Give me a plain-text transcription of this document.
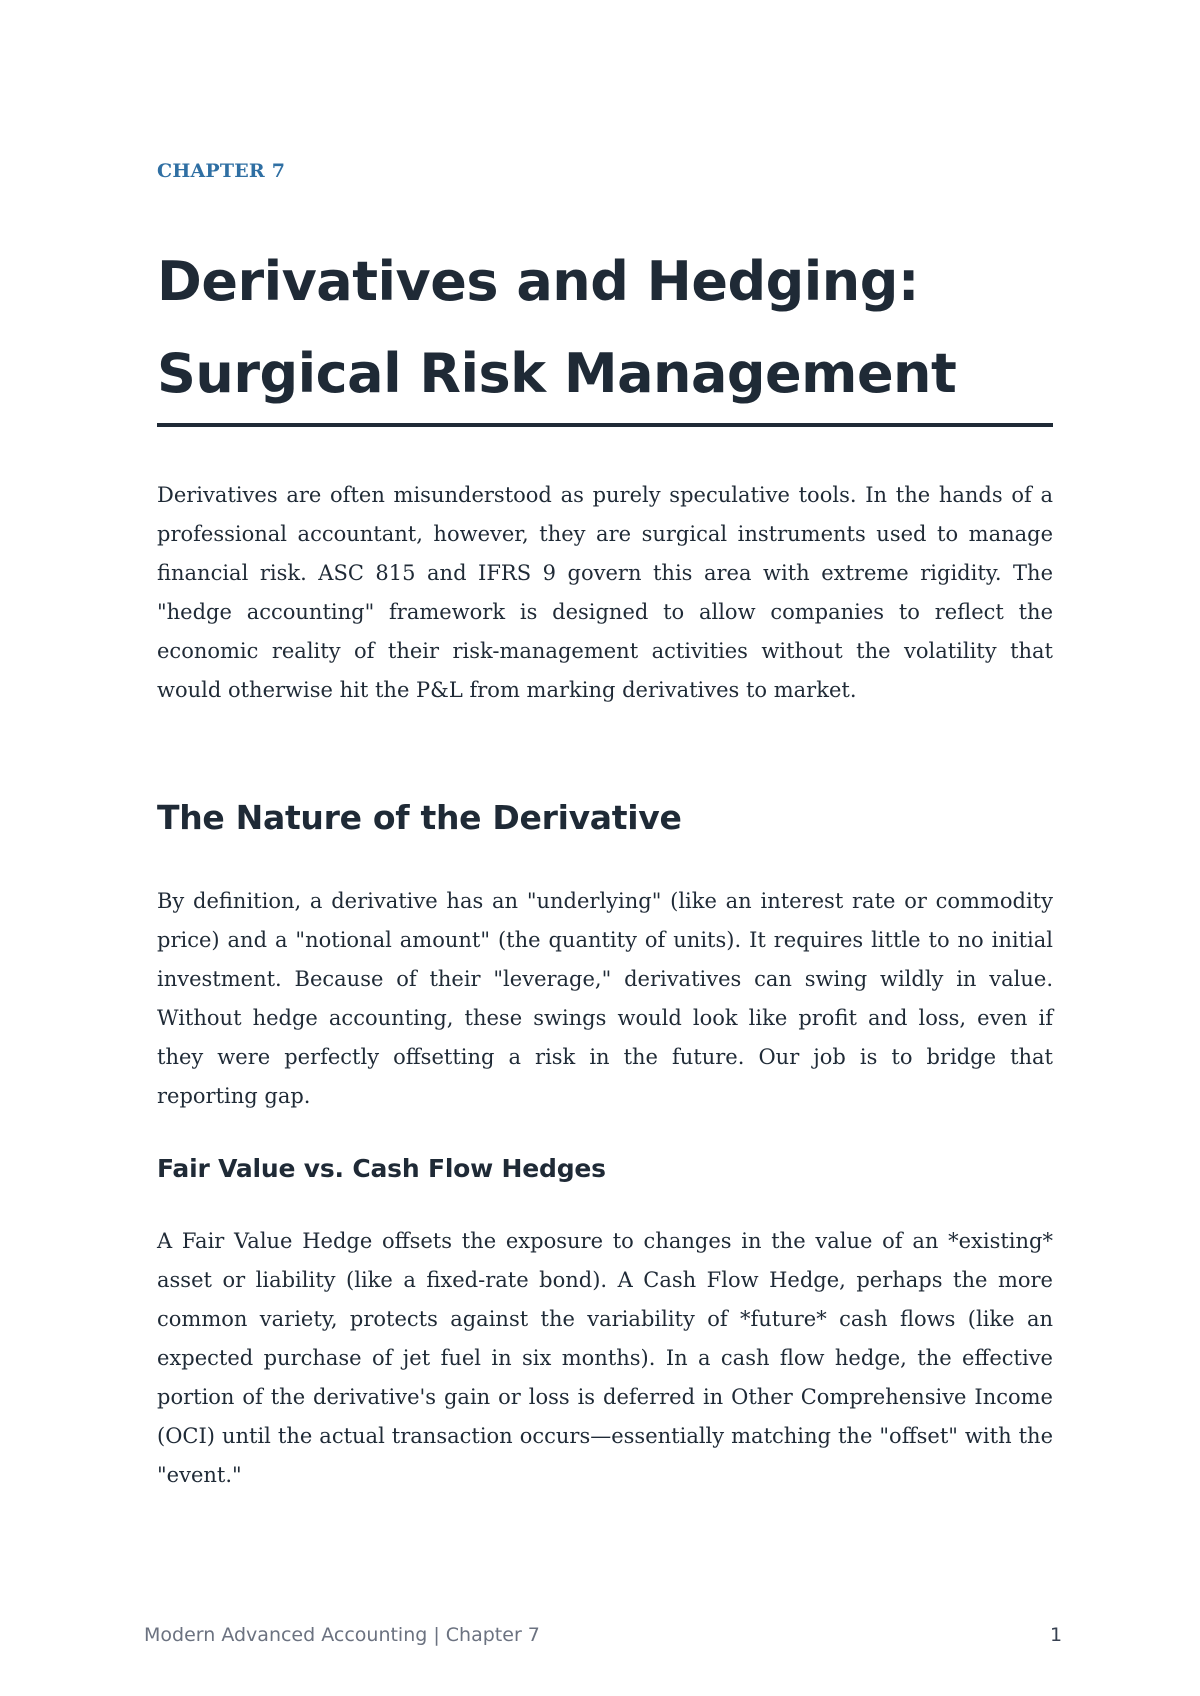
CHAPTER 7
Derivatives and Hedging:
Surgical Risk Management

Derivatives are often misunderstood as purely speculative tools. In the hands of a professional accountant, however, they are surgical instruments used to manage financial risk. ASC 815 and IFRS 9 govern this area with extreme rigidity. The "hedge accounting" framework is designed to allow companies to reflect the economic reality of their risk-management activities without the volatility that would otherwise hit the P&L from marking derivatives to market.

The Nature of the Derivative

By definition, a derivative has an "underlying" (like an interest rate or commodity price) and a "notional amount" (the quantity of units). It requires little to no initial investment. Because of their "leverage," derivatives can swing wildly in value. Without hedge accounting, these swings would look like profit and loss, even if they were perfectly offsetting a risk in the future. Our job is to bridge that reporting gap.

Fair Value vs. Cash Flow Hedges

A Fair Value Hedge offsets the exposure to changes in the value of an *existing* asset or liability (like a fixed-rate bond). A Cash Flow Hedge, perhaps the more common variety, protects against the variability of *future* cash flows (like an expected purchase of jet fuel in six months). In a cash flow hedge, the effective portion of the derivative's gain or loss is deferred in Other Comprehensive Income (OCI) until the actual transaction occurs—essentially matching the "offset" with the "event."

Modern Advanced Accounting | Chapter 7	1
